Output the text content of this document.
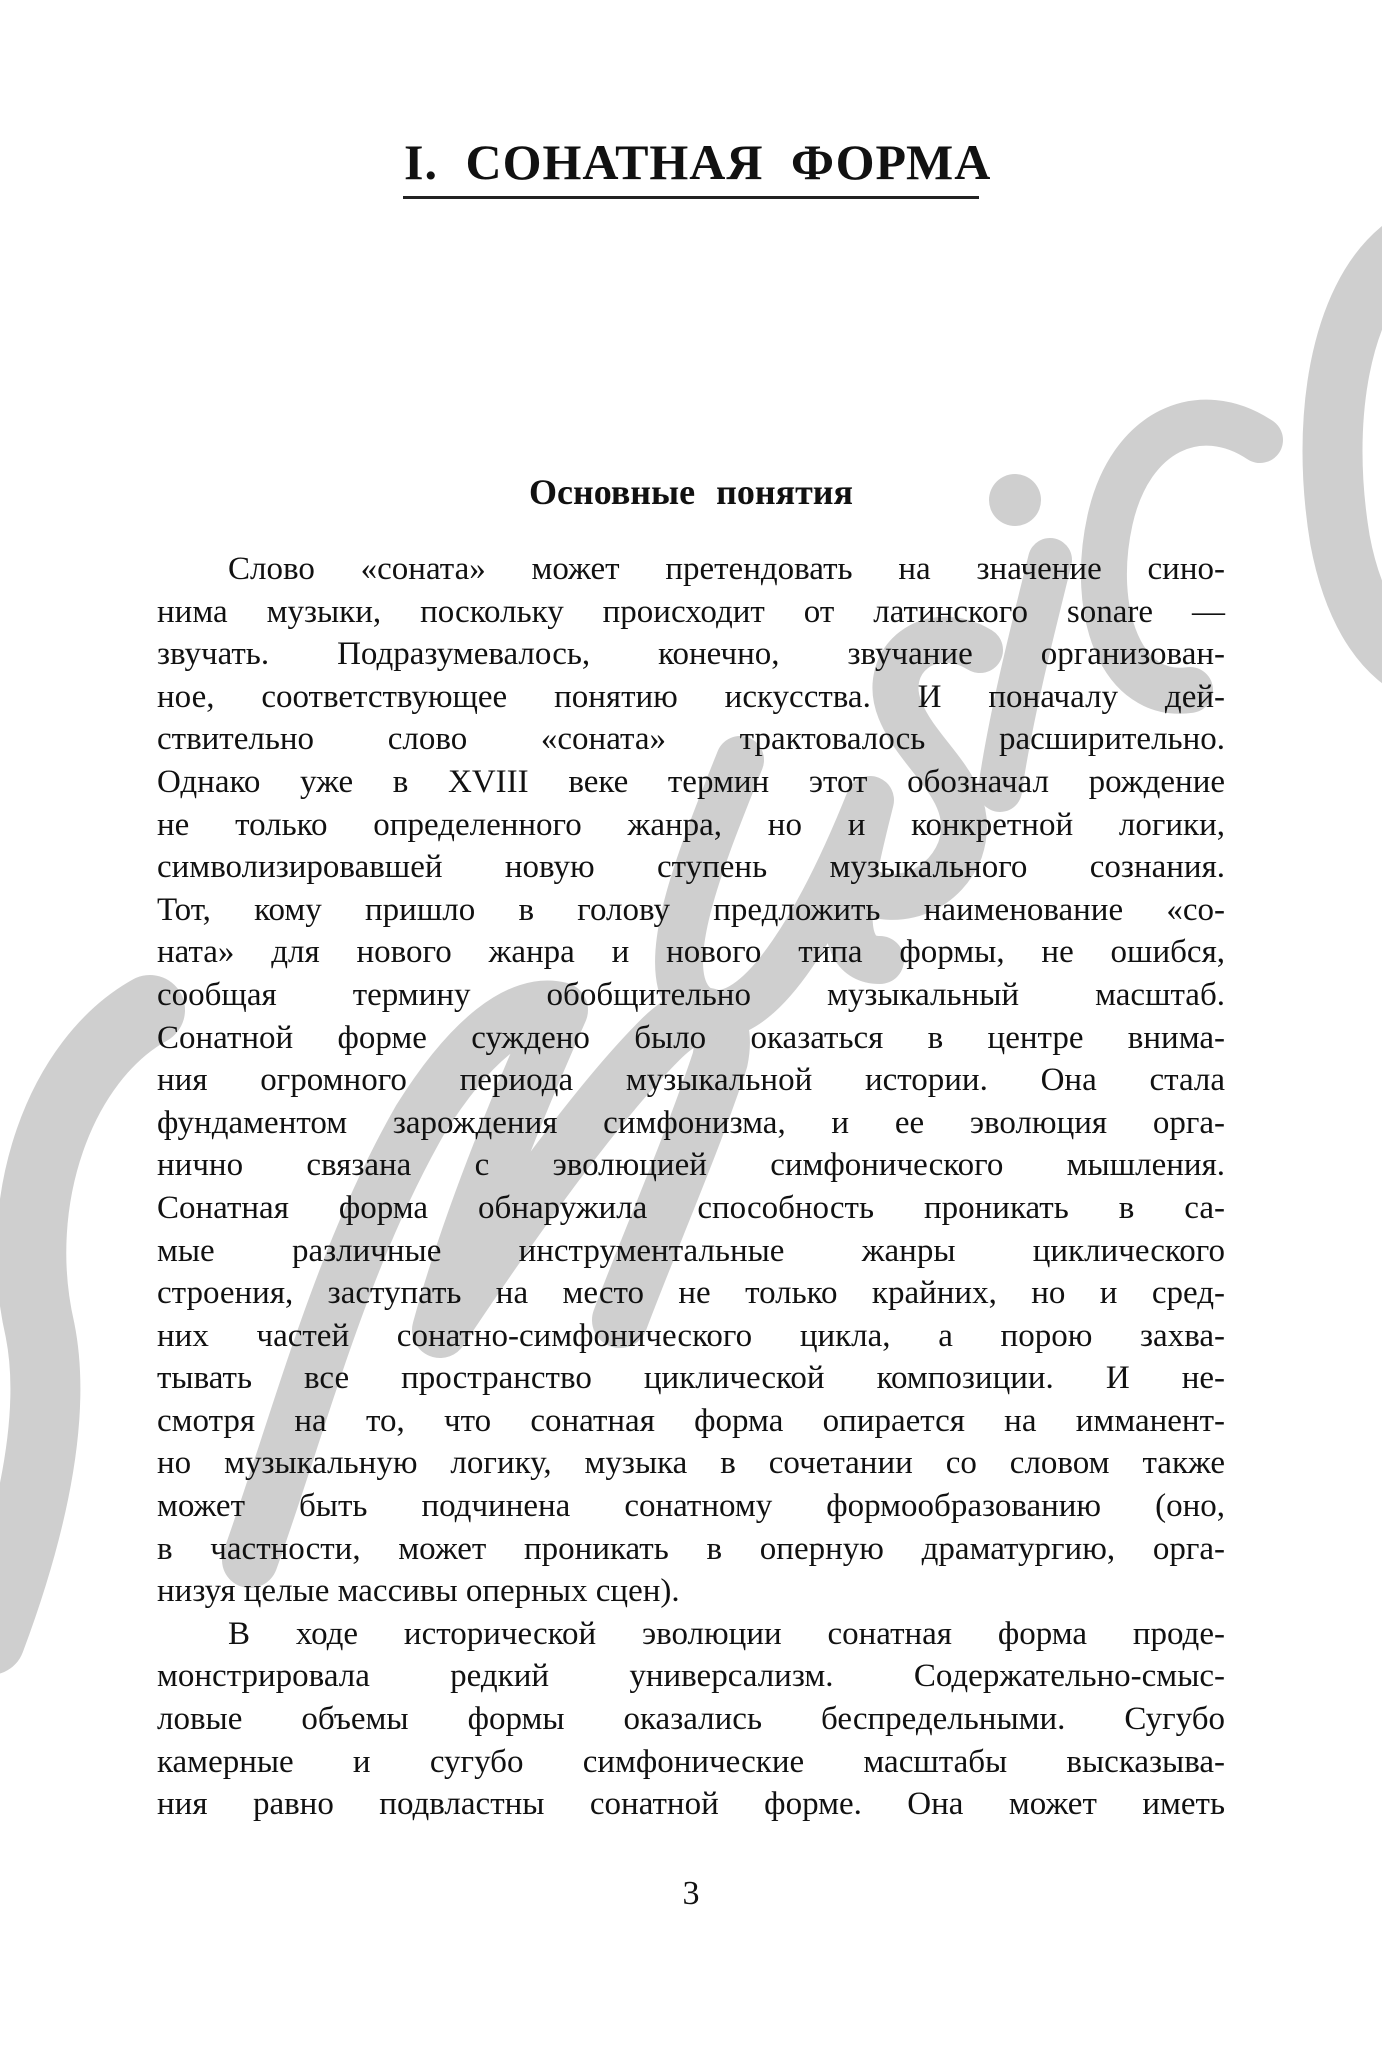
I. СОНАТНАЯ ФОРМА
Основные понятия
Слово «соната» может претендовать на значение сино-
нима музыки, поскольку происходит от латинского sonare —
звучать. Подразумевалось, конечно, звучание организован-
ное, соответствующее понятию искусства. И поначалу дей-
ствительно слово «соната» трактовалось расширительно.
Однако уже в XVIII веке термин этот обозначал рождение
не только определенного жанра, но и конкретной логики,
символизировавшей новую ступень музыкального сознания.
Тот, кому пришло в голову предложить наименование «со-
ната» для нового жанра и нового типа формы, не ошибся,
сообщая термину обобщительно музыкальный масштаб.
Сонатной форме суждено было оказаться в центре внима-
ния огромного периода музыкальной истории. Она стала
фундаментом зарождения симфонизма, и ее эволюция орга-
нично связана с эволюцией симфонического мышления.
Сонатная форма обнаружила способность проникать в са-
мые различные инструментальные жанры циклического
строения, заступать на место не только крайних, но и сред-
них частей сонатно-симфонического цикла, а порою захва-
тывать все пространство циклической композиции. И не-
смотря на то, что сонатная форма опирается на имманент-
но музыкальную логику, музыка в сочетании со словом также
может быть подчинена сонатному формообразованию (оно,
в частности, может проникать в оперную драматургию, орга-
низуя целые массивы оперных сцен).
В ходе исторической эволюции сонатная форма проде-
монстрировала редкий универсализм. Содержательно-смыс-
ловые объемы формы оказались беспредельными. Сугубо
камерные и сугубо симфонические масштабы высказыва-
ния равно подвластны сонатной форме. Она может иметь
3
